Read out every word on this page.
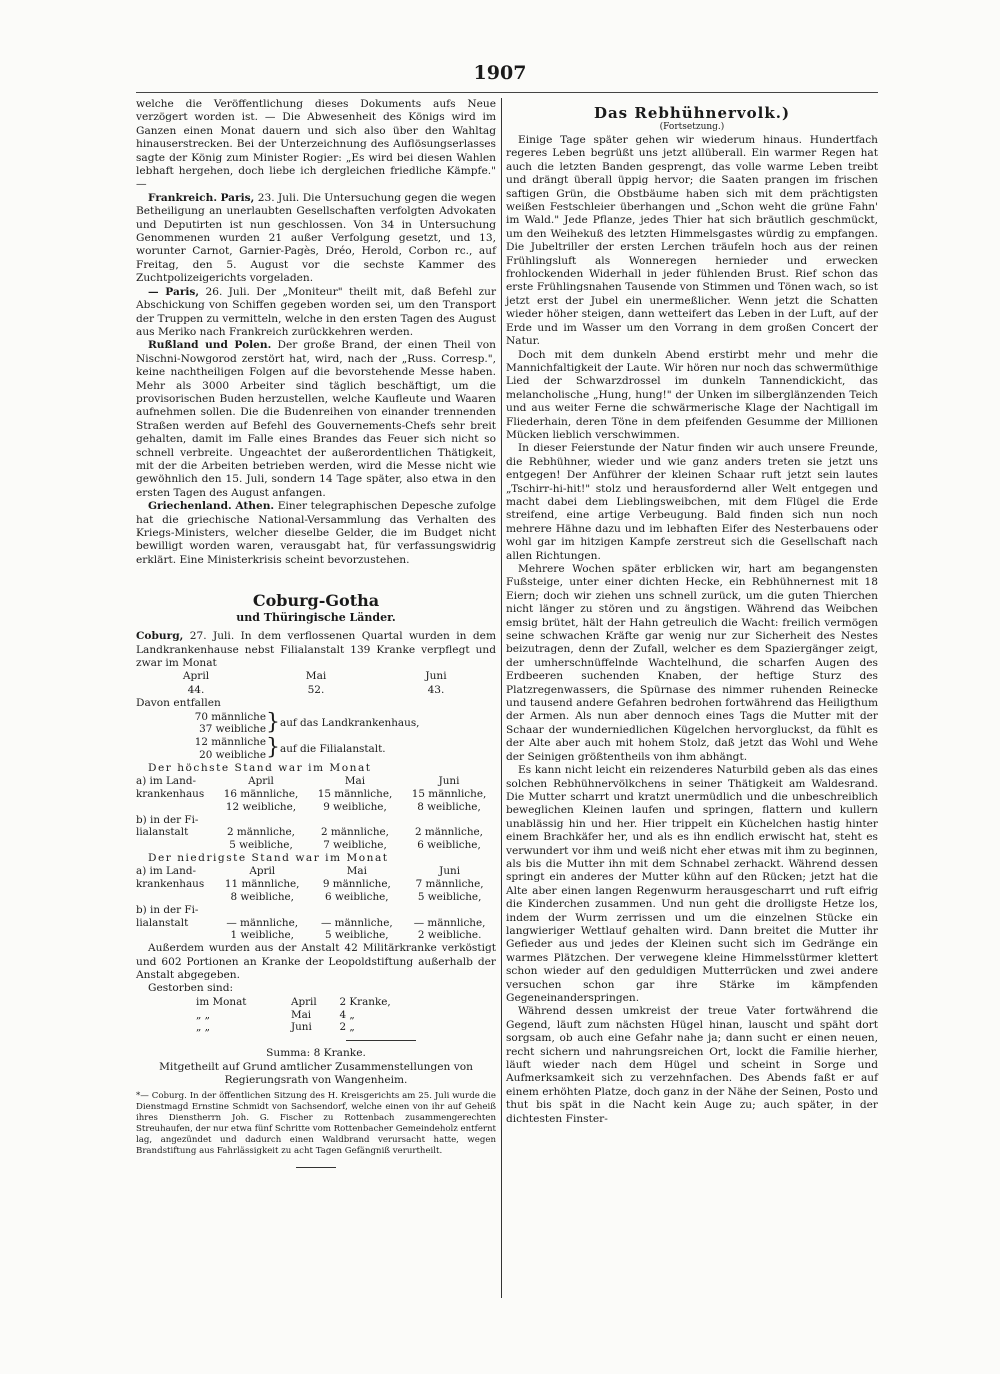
1907

welche die Veröffentlichung dieses Dokuments aufs Neue verzögert worden ist. — Die Abwesenheit des Königs wird im Ganzen einen Monat dauern und sich also über den Wahltag hinauserstrecken. Bei der Unterzeichnung des Auflösungserlasses sagte der König zum Minister Rogier: „Es wird bei diesen Wahlen lebhaft hergehen, doch liebe ich dergleichen friedliche Kämpfe." —

Frankreich. Paris, 23. Juli. Die Untersuchung gegen die wegen Betheiligung an unerlaubten Gesellschaften verfolgten Advokaten und Deputirten ist nun geschlossen. Von 34 in Untersuchung Genommenen wurden 21 außer Verfolgung gesetzt, und 13, worunter Carnot, Garnier-Pagès, Dréo, Herold, Corbon rc., auf Freitag, den 5. August vor die sechste Kammer des Zuchtpolizeigerichts vorgeladen.

— Paris, 26. Juli. Der „Moniteur" theilt mit, daß Befehl zur Abschickung von Schiffen gegeben worden sei, um den Transport der Truppen zu vermitteln, welche in den ersten Tagen des August aus Meriko nach Frankreich zurückkehren werden.

Rußland und Polen. Der große Brand, der einen Theil von Nischni-Nowgorod zerstört hat, wird, nach der „Russ. Corresp.", keine nachtheiligen Folgen auf die bevorstehende Messe haben. Mehr als 3000 Arbeiter sind täglich beschäftigt, um die provisorischen Buden herzustellen, welche Kaufleute und Waaren aufnehmen sollen. Die die Budenreihen von einander trennenden Straßen werden auf Befehl des Gouvernements-Chefs sehr breit gehalten, damit im Falle eines Brandes das Feuer sich nicht so schnell verbreite. Ungeachtet der außerordentlichen Thätigkeit, mit der die Arbeiten betrieben werden, wird die Messe nicht wie gewöhnlich den 15. Juli, sondern 14 Tage später, also etwa in den ersten Tagen des August anfangen.

Griechenland. Athen. Einer telegraphischen Depesche zufolge hat die griechische National-Versammlung das Verhalten des Kriegs-Ministers, welcher dieselbe Gelder, die im Budget nicht bewilligt worden waren, verausgabt hat, für verfassungswidrig erklärt. Eine Ministerkrisis scheint bevorzustehen.

Coburg-Gotha
und Thüringische Länder.

Coburg, 27. Juli. In dem verflossenen Quartal wurden in dem Landkrankenhause nebst Filialanstalt 139 Kranke verpflegt und zwar im Monat

April	Mai	Juni
44.	52.	43.

Davon entfallen

70 männliche
37 weibliche	}	auf das Landkrankenhaus,

12 männliche
20 weibliche	}	auf die Filialanstalt.

Der höchste Stand war im Monat

a) im Land-	April	Mai	Juni
krankenhaus	16 männliche,	15 männliche,	15 männliche,
	12 weibliche,	9 weibliche,	8 weibliche,
b) in der Fi-			
lialanstalt	2 männliche,	2 männliche,	2 männliche,
	5 weibliche,	7 weibliche,	6 weibliche,

Der niedrigste Stand war im Monat

a) im Land-	April	Mai	Juni
krankenhaus	11 männliche,	9 männliche,	7 männliche,
	8 weibliche,	6 weibliche,	5 weibliche,
b) in der Fi-			
lialanstalt	— männliche,	— männliche,	— männliche,
	1 weibliche,	5 weibliche,	2 weibliche.

Außerdem wurden aus der Anstalt 42 Militärkranke verköstigt und 602 Portionen an Kranke der Leopoldstiftung außerhalb der Anstalt abgegeben.

Gestorben sind:

im Monat	April	2 Kranke,
„ „	Mai	4 „
„ „	Juni	2 „

Summa: 8 Kranke.

Mitgetheilt auf Grund amtlicher Zusammenstellungen von Regierungsrath von Wangenheim.

*— Coburg. In der öffentlichen Sitzung des H. Kreisgerichts am 25. Juli wurde die Dienstmagd Ernstine Schmidt von Sachsendorf, welche einen von ihr auf Geheiß ihres Dienstherrn Joh. G. Fischer zu Rottenbach zusammengerechten Streuhaufen, der nur etwa fünf Schritte vom Rottenbacher Gemeindeholz entfernt lag, angezündet und dadurch einen Waldbrand verursacht hatte, wegen Brandstiftung aus Fahrlässigkeit zu acht Tagen Gefängniß verurtheilt.

Das Rebhühnervolk.)
(Fortsetzung.)

Einige Tage später gehen wir wiederum hinaus. Hundertfach regeres Leben begrüßt uns jetzt allüberall. Ein warmer Regen hat auch die letzten Banden gesprengt, das volle warme Leben treibt und drängt überall üppig hervor; die Saaten prangen im frischen saftigen Grün, die Obstbäume haben sich mit dem prächtigsten weißen Festschleier überhangen und „Schon weht die grüne Fahn' im Wald." Jede Pflanze, jedes Thier hat sich bräutlich geschmückt, um den Weihekuß des letzten Himmelsgastes würdig zu empfangen. Die Jubeltriller der ersten Lerchen träufeln hoch aus der reinen Frühlingsluft als Wonneregen hernieder und erwecken frohlockenden Widerhall in jeder fühlenden Brust. Rief schon das erste Frühlingsnahen Tausende von Stimmen und Tönen wach, so ist jetzt erst der Jubel ein unermeßlicher. Wenn jetzt die Schatten wieder höher steigen, dann wetteifert das Leben in der Luft, auf der Erde und im Wasser um den Vorrang in dem großen Concert der Natur.

Doch mit dem dunkeln Abend erstirbt mehr und mehr die Mannichfaltigkeit der Laute. Wir hören nur noch das schwermüthige Lied der Schwarzdrossel im dunkeln Tannendickicht, das melancholische „Hung, hung!" der Unken im silberglänzenden Teich und aus weiter Ferne die schwärmerische Klage der Nachtigall im Fliederhain, deren Töne in dem pfeifenden Gesumme der Millionen Mücken lieblich verschwimmen.

In dieser Feierstunde der Natur finden wir auch unsere Freunde, die Rebhühner, wieder und wie ganz anders treten sie jetzt uns entgegen! Der Anführer der kleinen Schaar ruft jetzt sein lautes „Tschirr-hi-hit!" stolz und herausfordernd aller Welt entgegen und macht dabei dem Lieblingsweibchen, mit dem Flügel die Erde streifend, eine artige Verbeugung. Bald finden sich nun noch mehrere Hähne dazu und im lebhaften Eifer des Nesterbauens oder wohl gar im hitzigen Kampfe zerstreut sich die Gesellschaft nach allen Richtungen.

Mehrere Wochen später erblicken wir, hart am begangensten Fußsteige, unter einer dichten Hecke, ein Rebhühnernest mit 18 Eiern; doch wir ziehen uns schnell zurück, um die guten Thierchen nicht länger zu stören und zu ängstigen. Während das Weibchen emsig brütet, hält der Hahn getreulich die Wacht: freilich vermögen seine schwachen Kräfte gar wenig nur zur Sicherheit des Nestes beizutragen, denn der Zufall, welcher es dem Spaziergänger zeigt, der umherschnüffelnde Wachtelhund, die scharfen Augen des Erdbeeren suchenden Knaben, der heftige Sturz des Platzregenwassers, die Spürnase des nimmer ruhenden Reinecke und tausend andere Gefahren bedrohen fortwährend das Heiligthum der Armen. Als nun aber dennoch eines Tags die Mutter mit der Schaar der wunderniedlichen Kügelchen hervorgluckst, da fühlt es der Alte aber auch mit hohem Stolz, daß jetzt das Wohl und Wehe der Seinigen größtentheils von ihm abhängt.

Es kann nicht leicht ein reizenderes Naturbild geben als das eines solchen Rebhühnervölkchens in seiner Thätigkeit am Waldesrand. Die Mutter scharrt und kratzt unermüdlich und die unbeschreiblich beweglichen Kleinen laufen und springen, flattern und kullern unablässig hin und her. Hier trippelt ein Küchelchen hastig hinter einem Brachkäfer her, und als es ihn endlich erwischt hat, steht es verwundert vor ihm und weiß nicht eher etwas mit ihm zu beginnen, als bis die Mutter ihn mit dem Schnabel zerhackt. Während dessen springt ein anderes der Mutter kühn auf den Rücken; jetzt hat die Alte aber einen langen Regenwurm herausgescharrt und ruft eifrig die Kinderchen zusammen. Und nun geht die drolligste Hetze los, indem der Wurm zerrissen und um die einzelnen Stücke ein langwieriger Wettlauf gehalten wird. Dann breitet die Mutter ihr Gefieder aus und jedes der Kleinen sucht sich im Gedränge ein warmes Plätzchen. Der verwegene kleine Himmelsstürmer klettert schon wieder auf den geduldigen Mutterrücken und zwei andere versuchen schon gar ihre Stärke im kämpfenden Gegeneinanderspringen.

Während dessen umkreist der treue Vater fortwährend die Gegend, läuft zum nächsten Hügel hinan, lauscht und späht dort sorgsam, ob auch eine Gefahr nahe ja; dann sucht er einen neuen, recht sichern und nahrungsreichen Ort, lockt die Familie hierher, läuft wieder nach dem Hügel und scheint in Sorge und Aufmerksamkeit sich zu verzehnfachen. Des Abends faßt er auf einem erhöhten Platze, doch ganz in der Nähe der Seinen, Posto und thut bis spät in die Nacht kein Auge zu; auch später, in der dichtesten Finster-
